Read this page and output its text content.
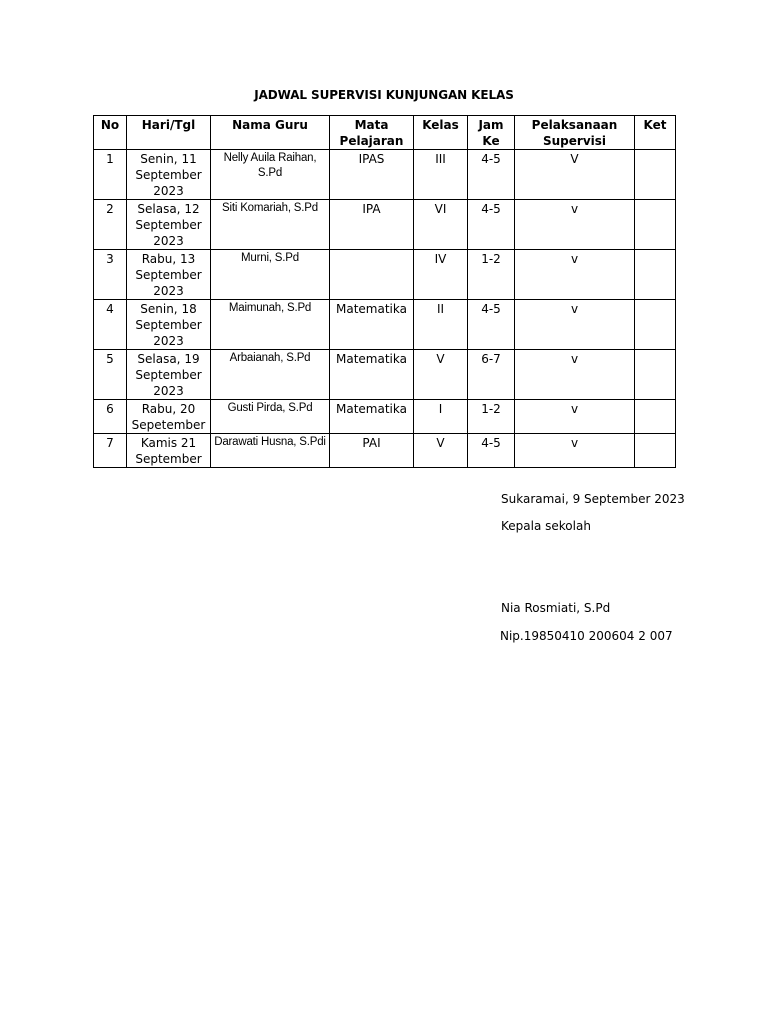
JADWAL SUPERVISI KUNJUNGAN KELAS
No	Hari/Tgl	Nama Guru	Mata Pelajaran	Kelas	Jam Ke	Pelaksanaan Supervisi	Ket
1	Senin, 11 September 2023	Nelly Auila Raihan, S.Pd	IPAS	III	4-5	V	
2	Selasa, 12 September 2023	Siti Komariah, S.Pd	IPA	VI	4-5	v	
3	Rabu, 13 September 2023	Murni, S.Pd		IV	1-2	v	
4	Senin, 18 September 2023	Maimunah, S.Pd	Matematika	II	4-5	v	
5	Selasa, 19 September 2023	Arbaianah, S.Pd	Matematika	V	6-7	v	
6	Rabu, 20 Sepetember	Gusti Pirda, S.Pd	Matematika	I	1-2	v	
7	Kamis 21 September	Darawati Husna, S.Pdi	PAI	V	4-5	v	
Sukaramai, 9 September 2023
Kepala sekolah
Nia Rosmiati, S.Pd
Nip.19850410 200604 2 007
